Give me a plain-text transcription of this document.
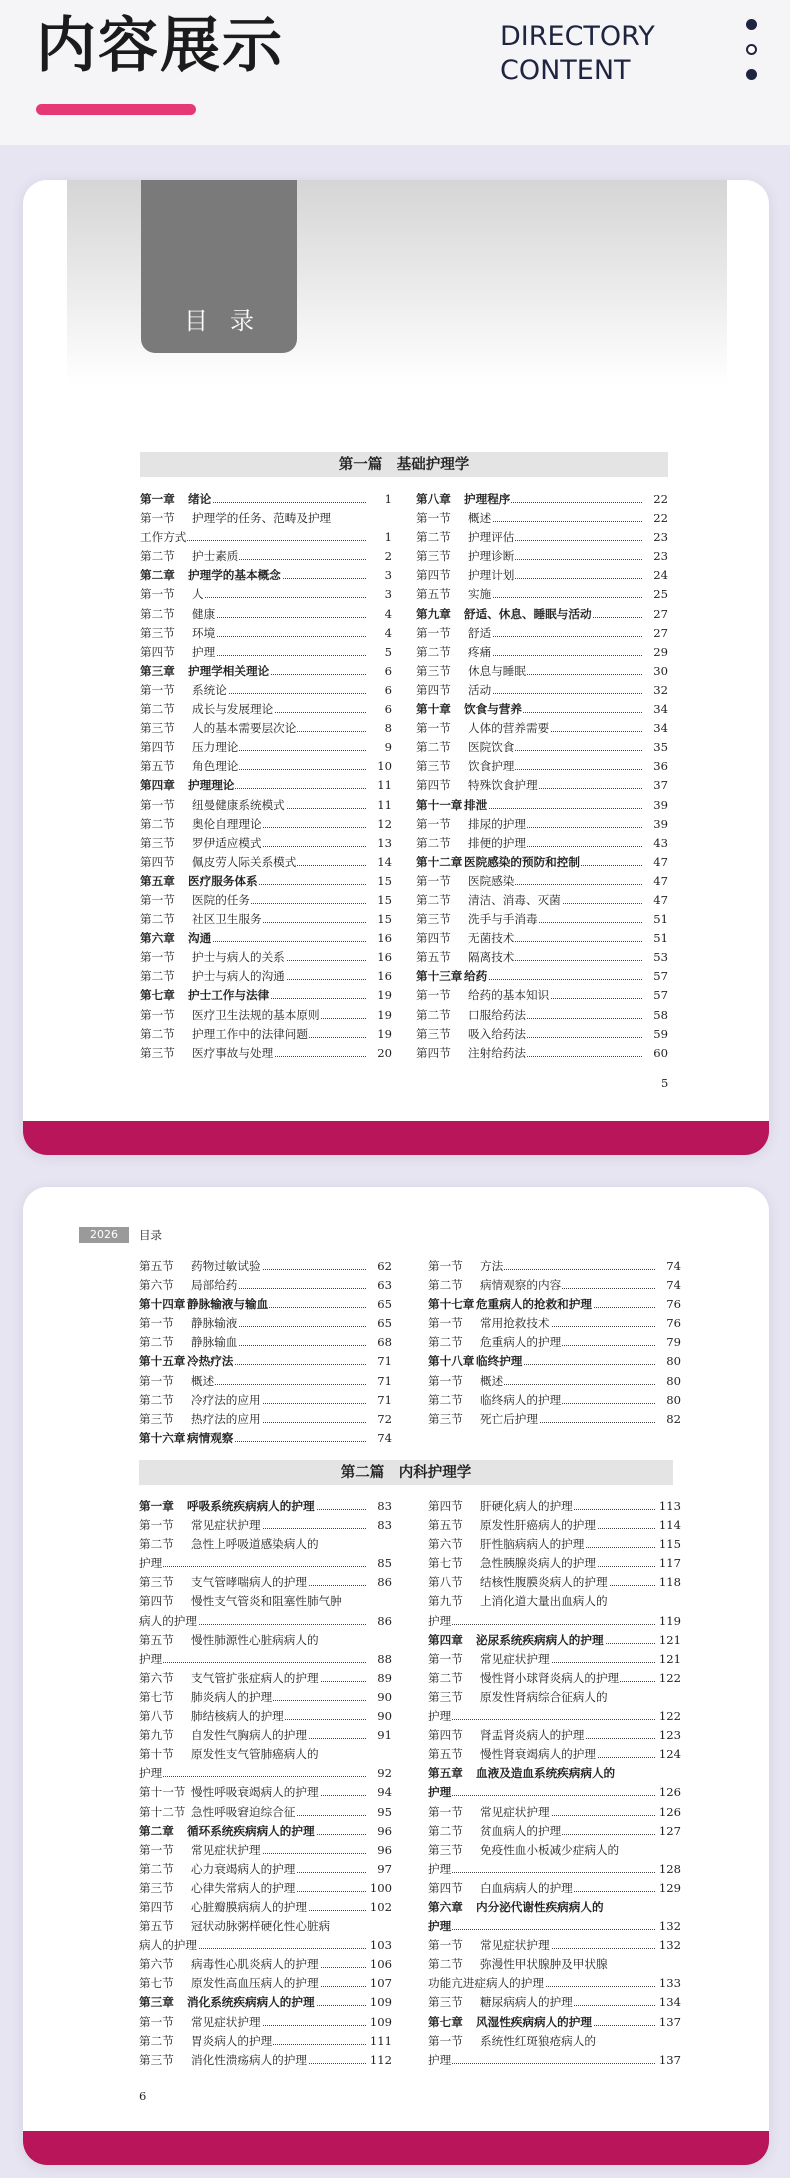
内容展示	DIRECTORY
CONTENT
目录
第一篇　基础护理学
第一章 绪论	1
第一节 护理学的任务、范畴及护理
工作方式	1
第二节 护士素质	2
第二章 护理学的基本概念	3
第一节 人	3
第二节 健康	4
第三节 环境	4
第四节 护理	5
第三章 护理学相关理论	6
第一节 系统论	6
第二节 成长与发展理论	6
第三节 人的基本需要层次论	8
第四节 压力理论	9
第五节 角色理论	10
第四章 护理理论	11
第一节 纽曼健康系统模式	11
第二节 奥伦自理理论	12
第三节 罗伊适应模式	13
第四节 佩皮劳人际关系模式	14
第五章 医疗服务体系	15
第一节 医院的任务	15
第二节 社区卫生服务	15
第六章 沟通	16
第一节 护士与病人的关系	16
第二节 护士与病人的沟通	16
第七章 护士工作与法律	19
第一节 医疗卫生法规的基本原则	19
第二节 护理工作中的法律问题	19
第三节 医疗事故与处理	20
第八章 护理程序	22
第一节 概述	22
第二节 护理评估	23
第三节 护理诊断	23
第四节 护理计划	24
第五节 实施	25
第九章 舒适、休息、睡眠与活动	27
第一节 舒适	27
第二节 疼痛	29
第三节 休息与睡眠	30
第四节 活动	32
第十章 饮食与营养	34
第一节 人体的营养需要	34
第二节 医院饮食	35
第三节 饮食护理	36
第四节 特殊饮食护理	37
第十一章 排泄	39
第一节 排尿的护理	39
第二节 排便的护理	43
第十二章 医院感染的预防和控制	47
第一节 医院感染	47
第二节 清洁、消毒、灭菌	47
第三节 洗手与手消毒	51
第四节 无菌技术	51
第五节 隔离技术	53
第十三章 给药	57
第一节 给药的基本知识	57
第二节 口服给药法	58
第三节 吸入给药法	59
第四节 注射给药法	60
5
2026	目录
第五节 药物过敏试验	62
第六节 局部给药	63
第十四章 静脉输液与输血	65
第一节 静脉输液	65
第二节 静脉输血	68
第十五章 冷热疗法	71
第一节 概述	71
第二节 冷疗法的应用	71
第三节 热疗法的应用	72
第十六章 病情观察	74
第一节 方法	74
第二节 病情观察的内容	74
第十七章 危重病人的抢救和护理	76
第一节 常用抢救技术	76
第二节 危重病人的护理	79
第十八章 临终护理	80
第一节 概述	80
第二节 临终病人的护理	80
第三节 死亡后护理	82
第二篇　内科护理学
第一章 呼吸系统疾病病人的护理	83
第一节 常见症状护理	83
第二节 急性上呼吸道感染病人的
护理	85
第三节 支气管哮喘病人的护理	86
第四节 慢性支气管炎和阻塞性肺气肿
病人的护理	86
第五节 慢性肺源性心脏病病人的
护理	88
第六节 支气管扩张症病人的护理	89
第七节 肺炎病人的护理	90
第八节 肺结核病人的护理	90
第九节 自发性气胸病人的护理	91
第十节 原发性支气管肺癌病人的
护理	92
第十一节 慢性呼吸衰竭病人的护理	94
第十二节 急性呼吸窘迫综合征	95
第二章 循环系统疾病病人的护理	96
第一节 常见症状护理	96
第二节 心力衰竭病人的护理	97
第三节 心律失常病人的护理	100
第四节 心脏瓣膜病病人的护理	102
第五节 冠状动脉粥样硬化性心脏病
病人的护理	103
第六节 病毒性心肌炎病人的护理	106
第七节 原发性高血压病人的护理	107
第三章 消化系统疾病病人的护理	109
第一节 常见症状护理	109
第二节 胃炎病人的护理	111
第三节 消化性溃疡病人的护理	112
第四节 肝硬化病人的护理	113
第五节 原发性肝癌病人的护理	114
第六节 肝性脑病病人的护理	115
第七节 急性胰腺炎病人的护理	117
第八节 结核性腹膜炎病人的护理	118
第九节 上消化道大量出血病人的
护理	119
第四章 泌尿系统疾病病人的护理	121
第一节 常见症状护理	121
第二节 慢性肾小球肾炎病人的护理	122
第三节 原发性肾病综合征病人的
护理	122
第四节 肾盂肾炎病人的护理	123
第五节 慢性肾衰竭病人的护理	124
第五章 血液及造血系统疾病病人的
护理	126
第一节 常见症状护理	126
第二节 贫血病人的护理	127
第三节 免疫性血小板减少症病人的
护理	128
第四节 白血病病人的护理	129
第六章 内分泌代谢性疾病病人的
护理	132
第一节 常见症状护理	132
第二节 弥漫性甲状腺肿及甲状腺
功能亢进症病人的护理	133
第三节 糖尿病病人的护理	134
第七章 风湿性疾病病人的护理	137
第一节 系统性红斑狼疮病人的
护理	137
6
